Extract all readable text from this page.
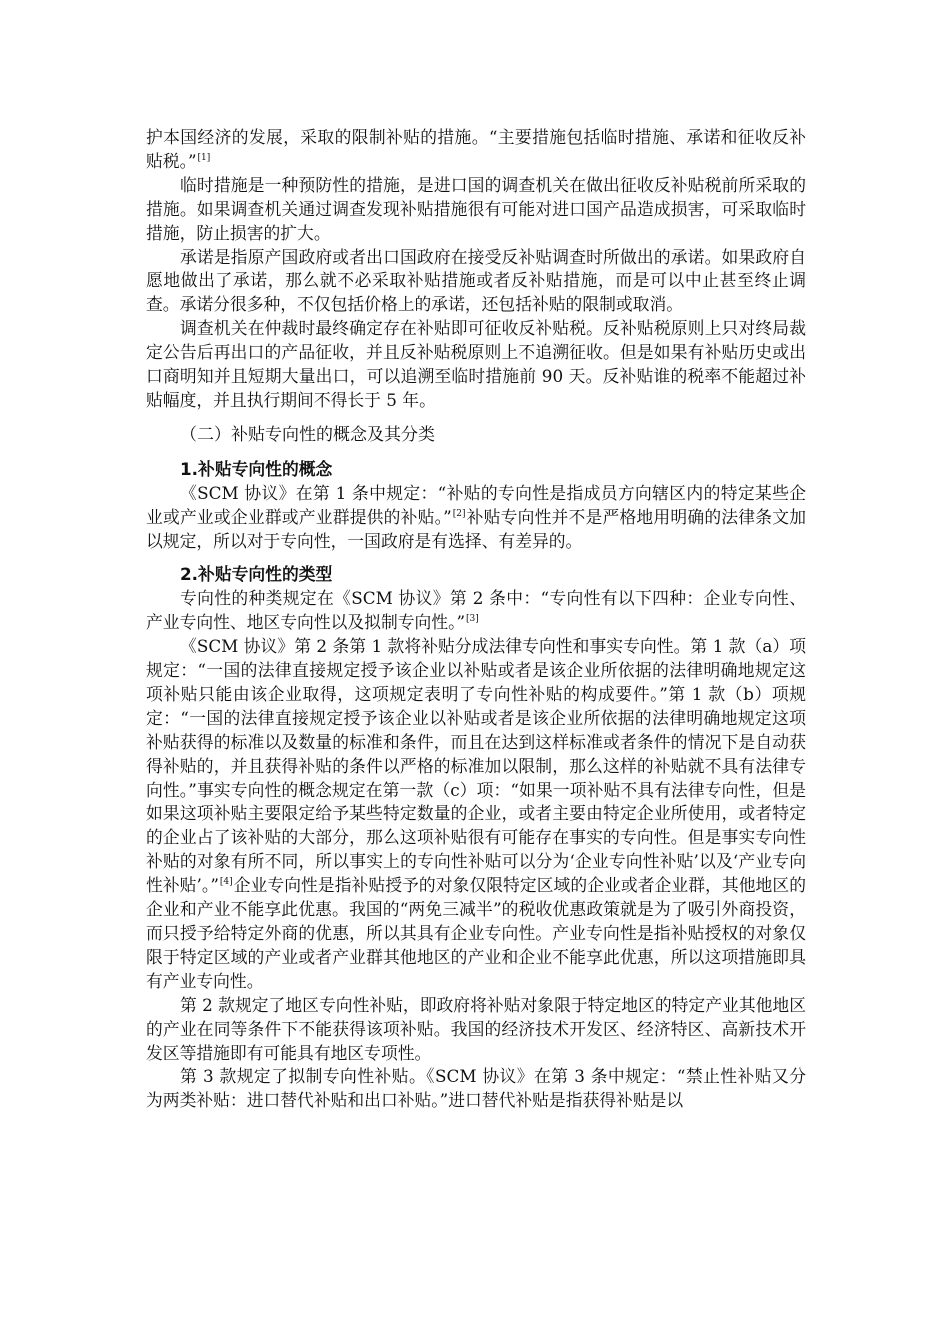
护本国经济的发展，采取的限制补贴的措施。“主要措施包括临时措施、承诺和征收反补贴税。”[1]

临时措施是一种预防性的措施，是进口国的调查机关在做出征收反补贴税前所采取的措施。如果调查机关通过调查发现补贴措施很有可能对进口国产品造成损害，可采取临时措施，防止损害的扩大。

承诺是指原产国政府或者出口国政府在接受反补贴调查时所做出的承诺。如果政府自愿地做出了承诺，那么就不必采取补贴措施或者反补贴措施，而是可以中止甚至终止调查。承诺分很多种，不仅包括价格上的承诺，还包括补贴的限制或取消。

调查机关在仲裁时最终确定存在补贴即可征收反补贴税。反补贴税原则上只对终局裁定公告后再出口的产品征收，并且反补贴税原则上不追溯征收。但是如果有补贴历史或出口商明知并且短期大量出口，可以追溯至临时措施前 90 天。反补贴谁的税率不能超过补贴幅度，并且执行期间不得长于 5 年。

（二）补贴专向性的概念及其分类
1.补贴专向性的概念

《SCM 协议》在第 1 条中规定：“补贴的专向性是指成员方向辖区内的特定某些企业或产业或企业群或产业群提供的补贴。”[2]补贴专向性并不是严格地用明确的法律条文加以规定，所以对于专向性，一国政府是有选择、有差异的。

2.补贴专向性的类型

专向性的种类规定在《SCM 协议》第 2 条中：“专向性有以下四种：企业专向性、产业专向性、地区专向性以及拟制专向性。”[3]

《SCM 协议》第 2 条第 1 款将补贴分成法律专向性和事实专向性。第 1 款（a）项规定：“一国的法律直接规定授予该企业以补贴或者是该企业所依据的法律明确地规定这项补贴只能由该企业取得，这项规定表明了专向性补贴的构成要件。”第 1 款（b）项规定：“一国的法律直接规定授予该企业以补贴或者是该企业所依据的法律明确地规定这项补贴获得的标准以及数量的标准和条件，而且在达到这样标准或者条件的情况下是自动获得补贴的，并且获得补贴的条件以严格的标准加以限制，那么这样的补贴就不具有法律专向性。”事实专向性的概念规定在第一款（c）项：“如果一项补贴不具有法律专向性，但是如果这项补贴主要限定给予某些特定数量的企业，或者主要由特定企业所使用，或者特定的企业占了该补贴的大部分，那么这项补贴很有可能存在事实的专向性。但是事实专向性补贴的对象有所不同，所以事实上的专向性补贴可以分为‘企业专向性补贴’以及‘产业专向性补贴’。”[4]企业专向性是指补贴授予的对象仅限特定区域的企业或者企业群，其他地区的企业和产业不能享此优惠。我国的“两免三减半”的税收优惠政策就是为了吸引外商投资，而只授予给特定外商的优惠，所以其具有企业专向性。产业专向性是指补贴授权的对象仅限于特定区域的产业或者产业群其他地区的产业和企业不能享此优惠，所以这项措施即具有产业专向性。

第 2 款规定了地区专向性补贴，即政府将补贴对象限于特定地区的特定产业其他地区的产业在同等条件下不能获得该项补贴。我国的经济技术开发区、经济特区、高新技术开发区等措施即有可能具有地区专项性。

第 3 款规定了拟制专向性补贴。《SCM 协议》在第 3 条中规定：“禁止性补贴又分为两类补贴：进口替代补贴和出口补贴。”进口替代补贴是指获得补贴是以
